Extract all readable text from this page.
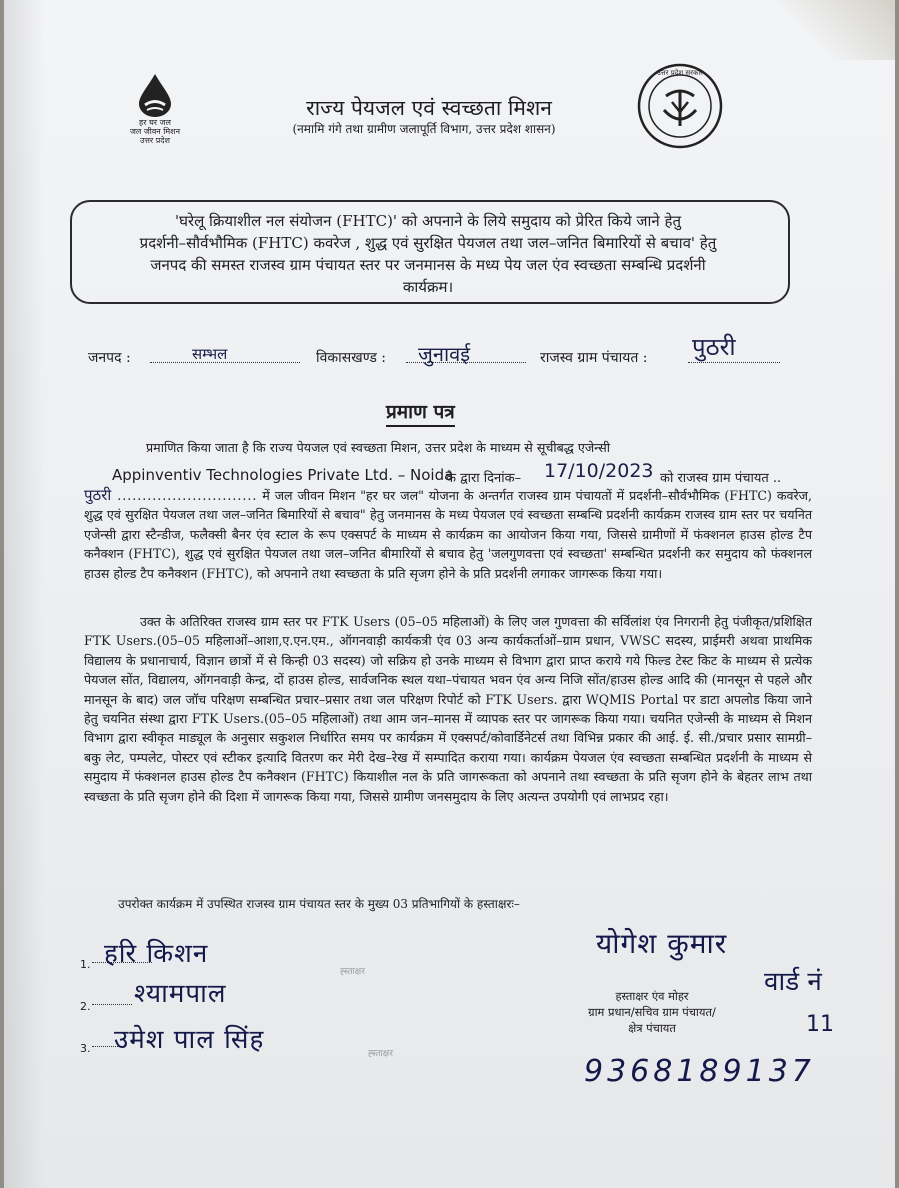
हर घर जल
जल जीवन मिशन
उत्तर प्रदेश
उत्तर प्रदेश सरकार
राज्य पेयजल एवं स्वच्छता मिशन
(नमामि गंगे तथा ग्रामीण जलापूर्ति विभाग, उत्तर प्रदेश शासन)
'घरेलू क्रियाशील नल संयोजन (FHTC)' को अपनाने के लिये समुदाय को प्रेरित किये जाने हेतु
प्रदर्शनी–सौर्वभौमिक (FHTC) कवरेज , शुद्ध एवं सुरक्षित पेयजल तथा जल–जनित बिमारियों से बचाव' हेतु
जनपद की समस्त राजस्व ग्राम पंचायत स्तर पर जनमानस के मध्य पेय जल एंव स्वच्छता सम्बन्धि प्रदर्शनी
कार्यक्रम।
जनपद :	सम्भल	विकासखण्ड : जुनावई	राजस्व ग्राम पंचायत : पुठरी
प्रमाण पत्र
प्रमाणित किया जाता है कि राज्य पेयजल एवं स्वच्छता मिशन, उत्तर प्रदेश के माध्यम से सूचीबद्ध एजेन्सी
Appinventiv Technologies Private Ltd. – Noida
के द्वारा दिनांक– 17/10/2023 को राजस्व ग्राम पंचायत ..
पुठरी ............................ में जल जीवन मिशन "हर घर जल" योजना के अन्तर्गत राजस्व ग्राम पंचायतों में प्रदर्शनी–सौर्वभौमिक (FHTC) कवरेज, शुद्ध एवं सुरक्षित पेयजल तथा जल–जनित बिमारियों से बचाव" हेतु जनमानस के मध्य पेयजल एवं स्वच्छता सम्बन्धि प्रदर्शनी कार्यक्रम राजस्व ग्राम स्तर पर चयनित एजेन्सी द्वारा स्टैन्डीज, फलैक्सी बैनर एंव स्टाल के रूप एक्सपर्ट के माध्यम से कार्यक्रम का आयोजन किया गया, जिससे ग्रामीणों में फंक्शनल हाउस होल्ड टैप कनैक्शन (FHTC), शुद्ध एवं सुरक्षित पेयजल तथा जल–जनित बीमारियों से बचाव हेतु 'जलगुणवत्ता एवं स्वच्छता' सम्बन्धित प्रदर्शनी कर समुदाय को फंक्शनल हाउस होल्ड टैप कनैक्शन (FHTC), को अपनाने तथा स्वच्छता के प्रति सृजग होने के प्रति प्रदर्शनी लगाकर जागरूक किया गया।
उक्त के अतिरिक्त राजस्व ग्राम स्तर पर FTK Users (05–05 महिलाओं) के लिए जल गुणवत्ता की सर्विलांश एंव निगरानी हेतु पंजीकृत/प्रशिक्षित FTK Users.(05–05 महिलाओं–आशा,ए.एन.एम., ऑगनवाड़ी कार्यकत्री एंव 03 अन्य कार्यकर्ताओं–ग्राम प्रधान, VWSC सदस्य, प्राईमरी अथवा प्राथमिक विद्यालय के प्रधानाचार्य, विज्ञान छात्रों में से किन्ही 03 सदस्य) जो सक्रिय हो उनके माध्यम से विभाग द्वारा प्राप्त कराये गये फिल्ड टेस्ट किट के माध्यम से प्रत्येक पेयजल सोंत, विद्यालय, ऑगनवाड़ी केन्द्र, दों हाउस होल्ड, सार्वजनिक स्थल यथा–पंचायत भवन एंव अन्य निजि सोंत/हाउस होल्ड आदि की (मानसून से पहले और मानसून के बाद) जल जॉच परिक्षण सम्बन्धित प्रचार–प्रसार तथा जल परिक्षण रिपोर्ट को FTK Users. द्वारा WQMIS Portal पर डाटा अपलोड किया जाने हेतु चयनित संस्था द्वारा FTK Users.(05–05 महिलाओं) तथा आम जन–मानस में व्यापक स्तर पर जागरूक किया गया। चयनित एजेन्सी के माध्यम से मिशन विभाग द्वारा स्वीकृत माड्यूल के अनुसार सकुशल निर्धारित समय पर कार्यक्रम में एक्सपर्ट/कोवार्डिनेटर्स तथा विभिन्न प्रकार की आई. ई. सी./प्रचार प्रसार सामग्री–बकु लेट, पम्पलेट, पोस्टर एवं स्टीकर इत्यादि वितरण कर मेरी देख–रेख में सम्पादित कराया गया। कार्यक्रम पेयजल एंव स्वच्छता सम्बन्धित प्रदर्शनी के माध्यम से समुदाय में फंक्शनल हाउस होल्ड टैप कनैक्शन (FHTC) कियाशील नल के प्रति जागरूकता को अपनाने तथा स्वच्छता के प्रति सृजग होने के बेहतर लाभ तथा स्वच्छता के प्रति सृजग होने की दिशा में जागरूक किया गया, जिससे ग्रामीण जनसमुदाय के लिए अत्यन्त उपयोगी एवं लाभप्रद रहा।
उपरोक्त कार्यक्रम में उपस्थित राजस्व ग्राम पंचायत स्तर के मुख्य 03 प्रतिभागियों के हस्ताक्षरः–
1. हरि किशन
2. श्यामपाल
3. उमेश पाल सिंह
ह्स्ताक्षर
ह्स्ताक्षर
योगेश कुमार
हस्ताक्षर एंव मोहर
ग्राम प्रधान/सचिव ग्राम पंचायत/
क्षेत्र पंचायत
वार्ड नं
11
9368189137
